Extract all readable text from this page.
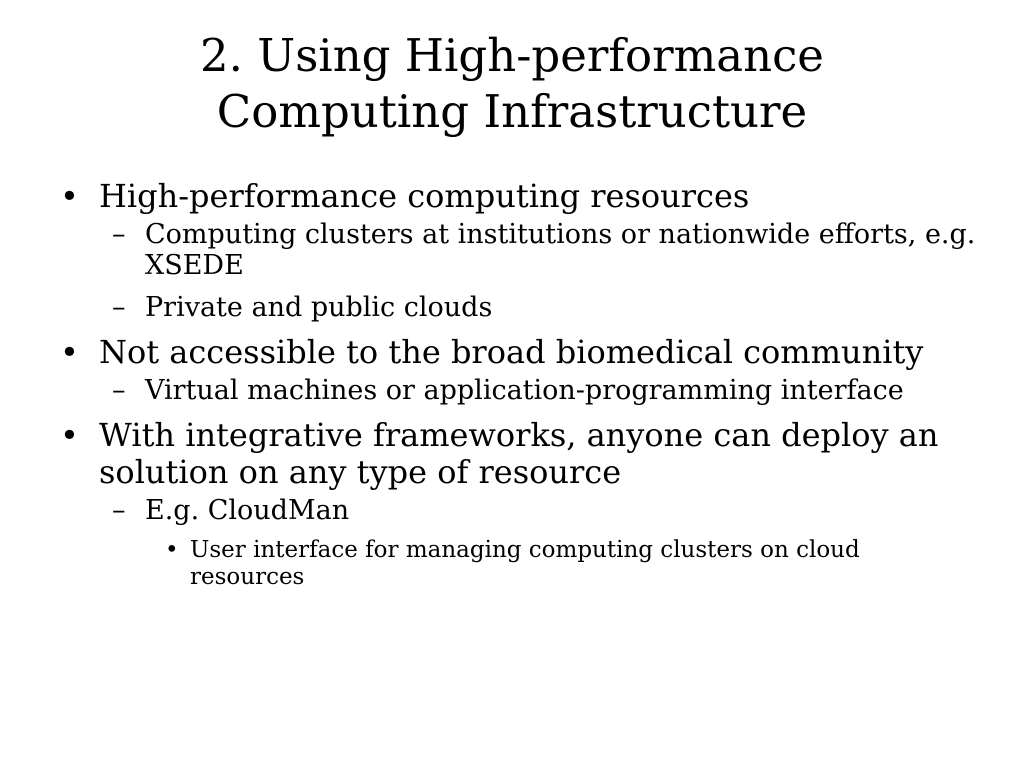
2. Using High-performance
Computing Infrastructure
• High-performance computing resources
– Computing clusters at institutions or nationwide efforts, e.g. XSEDE
– Private and public clouds
• Not accessible to the broad biomedical community
– Virtual machines or application-programming interface
• With integrative frameworks, anyone can deploy an solution on any type of resource
– E.g. CloudMan
• User interface for managing computing clusters on cloud resources
